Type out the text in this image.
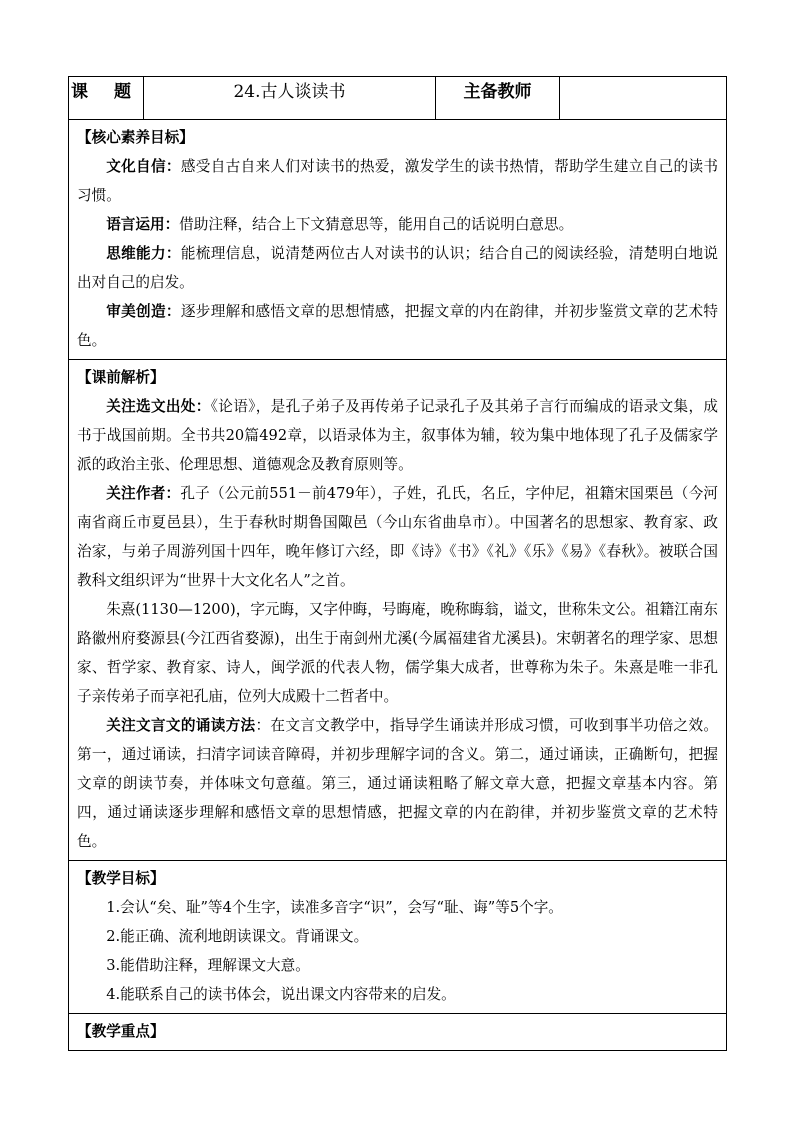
课 题	24.古人谈读书	主备教师	

【核心素养目标】

文化自信：感受自古自来人们对读书的热爱，激发学生的读书热情，帮助学生建立自己的读书习惯。

语言运用：借助注释，结合上下文猜意思等，能用自己的话说明白意思。

思维能力：能梳理信息，说清楚两位古人对读书的认识；结合自己的阅读经验，清楚明白地说出对自己的启发。

审美创造：逐步理解和感悟文章的思想情感，把握文章的内在韵律，并初步鉴赏文章的艺术特色。

【课前解析】

关注选文出处：《论语》，是孔子弟子及再传弟子记录孔子及其弟子言行而编成的语录文集，成书于战国前期。全书共20篇492章，以语录体为主，叙事体为辅，较为集中地体现了孔子及儒家学派的政治主张、伦理思想、道德观念及教育原则等。

关注作者：孔子（公元前551－前479年），子姓，孔氏，名丘，字仲尼，祖籍宋国栗邑（今河南省商丘市夏邑县），生于春秋时期鲁国陬邑（今山东省曲阜市）。中国著名的思想家、教育家、政治家，与弟子周游列国十四年，晚年修订六经，即《诗》《书》《礼》《乐》《易》《春秋》。被联合国教科文组织评为“世界十大文化名人”之首。

朱熹(1130—1200)，字元晦，又字仲晦，号晦庵，晚称晦翁，谥文，世称朱文公。祖籍江南东路徽州府婺源县(今江西省婺源)，出生于南剑州尤溪(今属福建省尤溪县)。宋朝著名的理学家、思想家、哲学家、教育家、诗人，闽学派的代表人物，儒学集大成者，世尊称为朱子。朱熹是唯一非孔子亲传弟子而享祀孔庙，位列大成殿十二哲者中。

关注文言文的诵读方法：在文言文教学中，指导学生诵读并形成习惯，可收到事半功倍之效。第一，通过诵读，扫清字词读音障碍，并初步理解字词的含义。第二，通过诵读，正确断句，把握文章的朗读节奏，并体味文句意蕴。第三，通过诵读粗略了解文章大意，把握文章基本内容。第四，通过诵读逐步理解和感悟文章的思想情感，把握文章的内在韵律，并初步鉴赏文章的艺术特色。

【教学目标】

1.会认“矣、耻”等4个生字，读准多音字“识”，会写“耻、诲”等5个字。
2.能正确、流利地朗读课文。背诵课文。
3.能借助注释，理解课文大意。
4.能联系自己的读书体会，说出课文内容带来的启发。

【教学重点】
